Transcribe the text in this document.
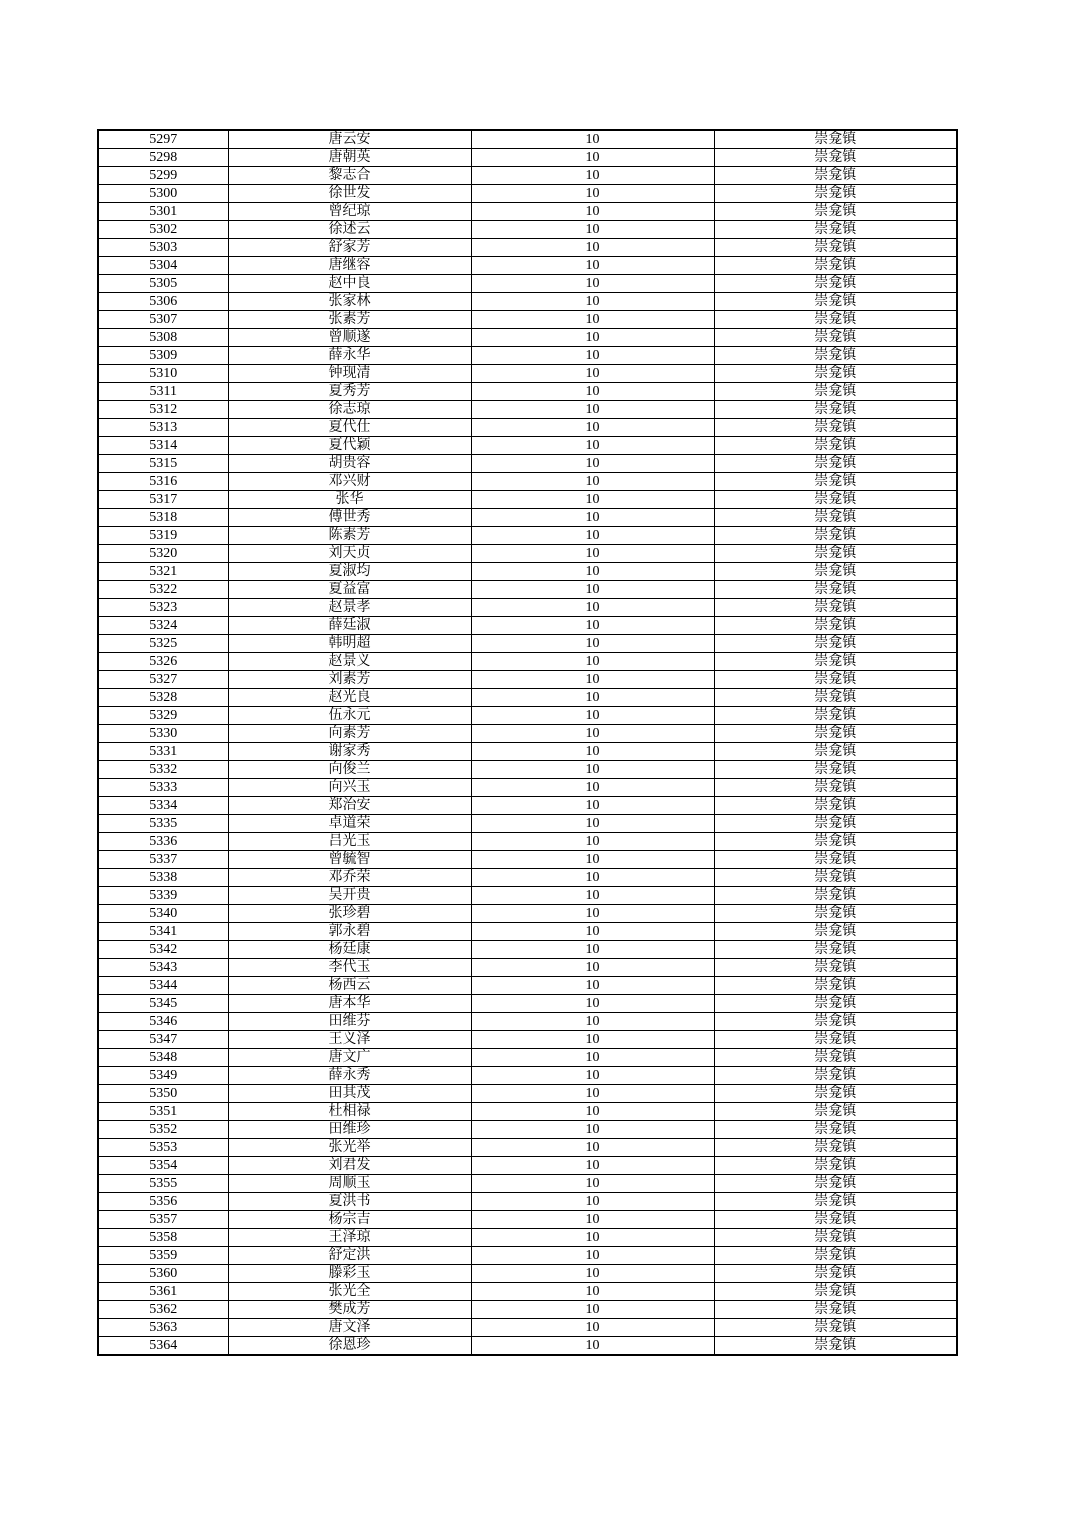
5297	唐云安	10	崇龛镇
5298	唐朝英	10	崇龛镇
5299	黎志合	10	崇龛镇
5300	徐世发	10	崇龛镇
5301	曾纪琼	10	崇龛镇
5302	徐述云	10	崇龛镇
5303	舒家芳	10	崇龛镇
5304	唐继容	10	崇龛镇
5305	赵中良	10	崇龛镇
5306	张家林	10	崇龛镇
5307	张素芳	10	崇龛镇
5308	曾顺遂	10	崇龛镇
5309	薛永华	10	崇龛镇
5310	钟现清	10	崇龛镇
5311	夏秀芳	10	崇龛镇
5312	徐志琼	10	崇龛镇
5313	夏代仕	10	崇龛镇
5314	夏代颖	10	崇龛镇
5315	胡贵容	10	崇龛镇
5316	邓兴财	10	崇龛镇
5317	张华	10	崇龛镇
5318	傅世秀	10	崇龛镇
5319	陈素芳	10	崇龛镇
5320	刘天贞	10	崇龛镇
5321	夏淑均	10	崇龛镇
5322	夏益富	10	崇龛镇
5323	赵景孝	10	崇龛镇
5324	薛廷淑	10	崇龛镇
5325	韩明超	10	崇龛镇
5326	赵景义	10	崇龛镇
5327	刘素芳	10	崇龛镇
5328	赵光良	10	崇龛镇
5329	伍永元	10	崇龛镇
5330	向素芳	10	崇龛镇
5331	谢家秀	10	崇龛镇
5332	向俊兰	10	崇龛镇
5333	向兴玉	10	崇龛镇
5334	郑治安	10	崇龛镇
5335	卓道荣	10	崇龛镇
5336	吕光玉	10	崇龛镇
5337	曾毓智	10	崇龛镇
5338	邓乔荣	10	崇龛镇
5339	吴开贵	10	崇龛镇
5340	张珍碧	10	崇龛镇
5341	郭永碧	10	崇龛镇
5342	杨廷康	10	崇龛镇
5343	李代玉	10	崇龛镇
5344	杨西云	10	崇龛镇
5345	唐本华	10	崇龛镇
5346	田维芬	10	崇龛镇
5347	王义泽	10	崇龛镇
5348	唐文广	10	崇龛镇
5349	薛永秀	10	崇龛镇
5350	田其茂	10	崇龛镇
5351	杜相禄	10	崇龛镇
5352	田维珍	10	崇龛镇
5353	张光举	10	崇龛镇
5354	刘君发	10	崇龛镇
5355	周顺玉	10	崇龛镇
5356	夏洪书	10	崇龛镇
5357	杨宗吉	10	崇龛镇
5358	王泽琼	10	崇龛镇
5359	舒定洪	10	崇龛镇
5360	滕彩玉	10	崇龛镇
5361	张光全	10	崇龛镇
5362	樊成芳	10	崇龛镇
5363	唐文泽	10	崇龛镇
5364	徐恩珍	10	崇龛镇
